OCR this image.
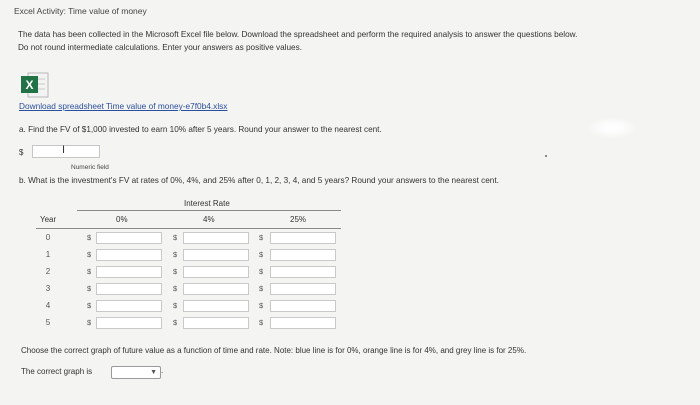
Excel Activity: Time value of money
The data has been collected in the Microsoft Excel file below. Download the spreadsheet and perform the required analysis to answer the questions below.
Do not round intermediate calculations. Enter your answers as positive values.
X
Download spreadsheet Time value of money-e7f0b4.xlsx
a. Find the FV of $1,000 invested to earn 10% after 5 years. Round your answer to the nearest cent.
$	I
Numeric field
b. What is the investment's FV at rates of 0%, 4%, and 25% after 0, 1, 2, 3, 4, and 5 years? Round your answers to the nearest cent.
Interest Rate
Year	0%	4%	25%
0	$	$	$
1	$	$	$
2	$	$	$
3	$	$	$
4	$	$	$
5	$	$	$
Choose the correct graph of future value as a function of time and rate. Note: blue line is for 0%, orange line is for 4%, and grey line is for 25%.
The correct graph is	▼ .
